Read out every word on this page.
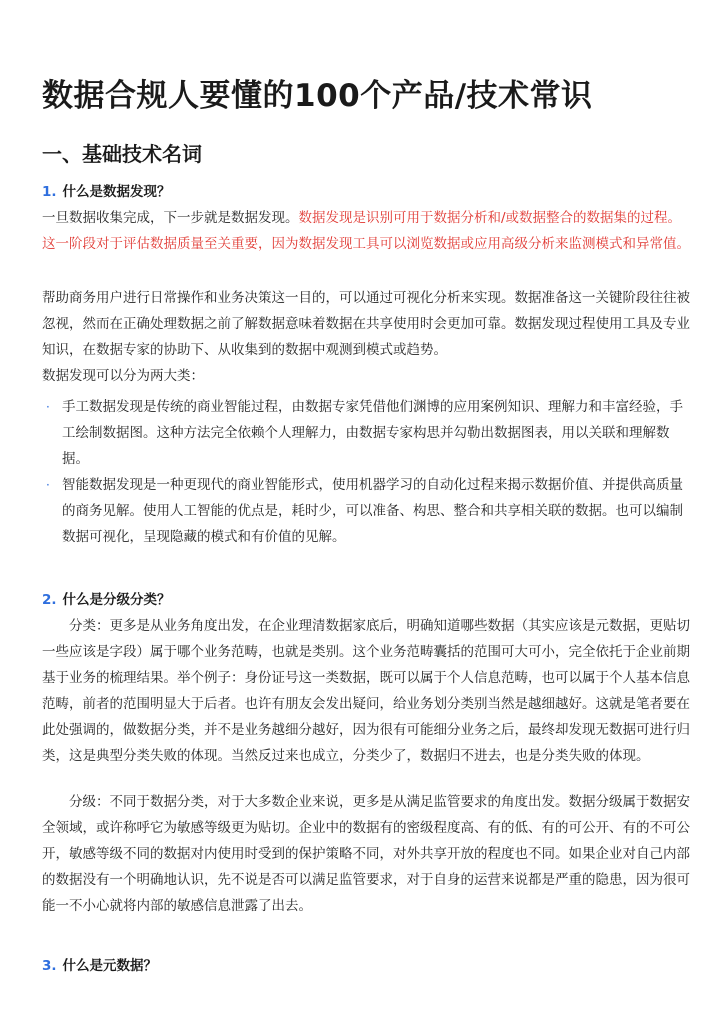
数据合规人要懂的100个产品/技术常识
一、基础技术名词
1. 什么是数据发现？

一旦数据收集完成，下一步就是数据发现。数据发现是识别可用于数据分析和/或数据整合的数据集的过程。这一阶段对于评估数据质量至关重要，因为数据发现工具可以浏览数据或应用高级分析来监测模式和异常值。

帮助商务用户进行日常操作和业务决策这一目的，可以通过可视化分析来实现。数据准备这一关键阶段往往被忽视，然而在正确处理数据之前了解数据意味着数据在共享使用时会更加可靠。数据发现过程使用工具及专业知识，在数据专家的协助下、从收集到的数据中观测到模式或趋势。

数据发现可以分为两大类：

· 手工数据发现是传统的商业智能过程，由数据专家凭借他们渊博的应用案例知识、理解力和丰富经验，手工绘制数据图。这种方法完全依赖个人理解力，由数据专家构思并勾勒出数据图表，用以关联和理解数据。
· 智能数据发现是一种更现代的商业智能形式，使用机器学习的自动化过程来揭示数据价值、并提供高质量的商务见解。使用人工智能的优点是，耗时少，可以准备、构思、整合和共享相关联的数据。也可以编制数据可视化，呈现隐藏的模式和有价值的见解。
2. 什么是分级分类？

分类：更多是从业务角度出发，在企业理清数据家底后，明确知道哪些数据（其实应该是元数据，更贴切一些应该是字段）属于哪个业务范畴，也就是类别。这个业务范畴囊括的范围可大可小，完全依托于企业前期基于业务的梳理结果。举个例子：身份证号这一类数据，既可以属于个人信息范畴，也可以属于个人基本信息范畴，前者的范围明显大于后者。也许有朋友会发出疑问，给业务划分类别当然是越细越好。这就是笔者要在此处强调的，做数据分类，并不是业务越细分越好，因为很有可能细分业务之后，最终却发现无数据可进行归类，这是典型分类失败的体现。当然反过来也成立，分类少了，数据归不进去，也是分类失败的体现。

分级：不同于数据分类，对于大多数企业来说，更多是从满足监管要求的角度出发。数据分级属于数据安全领域，或许称呼它为敏感等级更为贴切。企业中的数据有的密级程度高、有的低、有的可公开、有的不可公开，敏感等级不同的数据对内使用时受到的保护策略不同，对外共享开放的程度也不同。如果企业对自己内部的数据没有一个明确地认识，先不说是否可以满足监管要求，对于自身的运营来说都是严重的隐患，因为很可能一不小心就将内部的敏感信息泄露了出去。

3. 什么是元数据？
